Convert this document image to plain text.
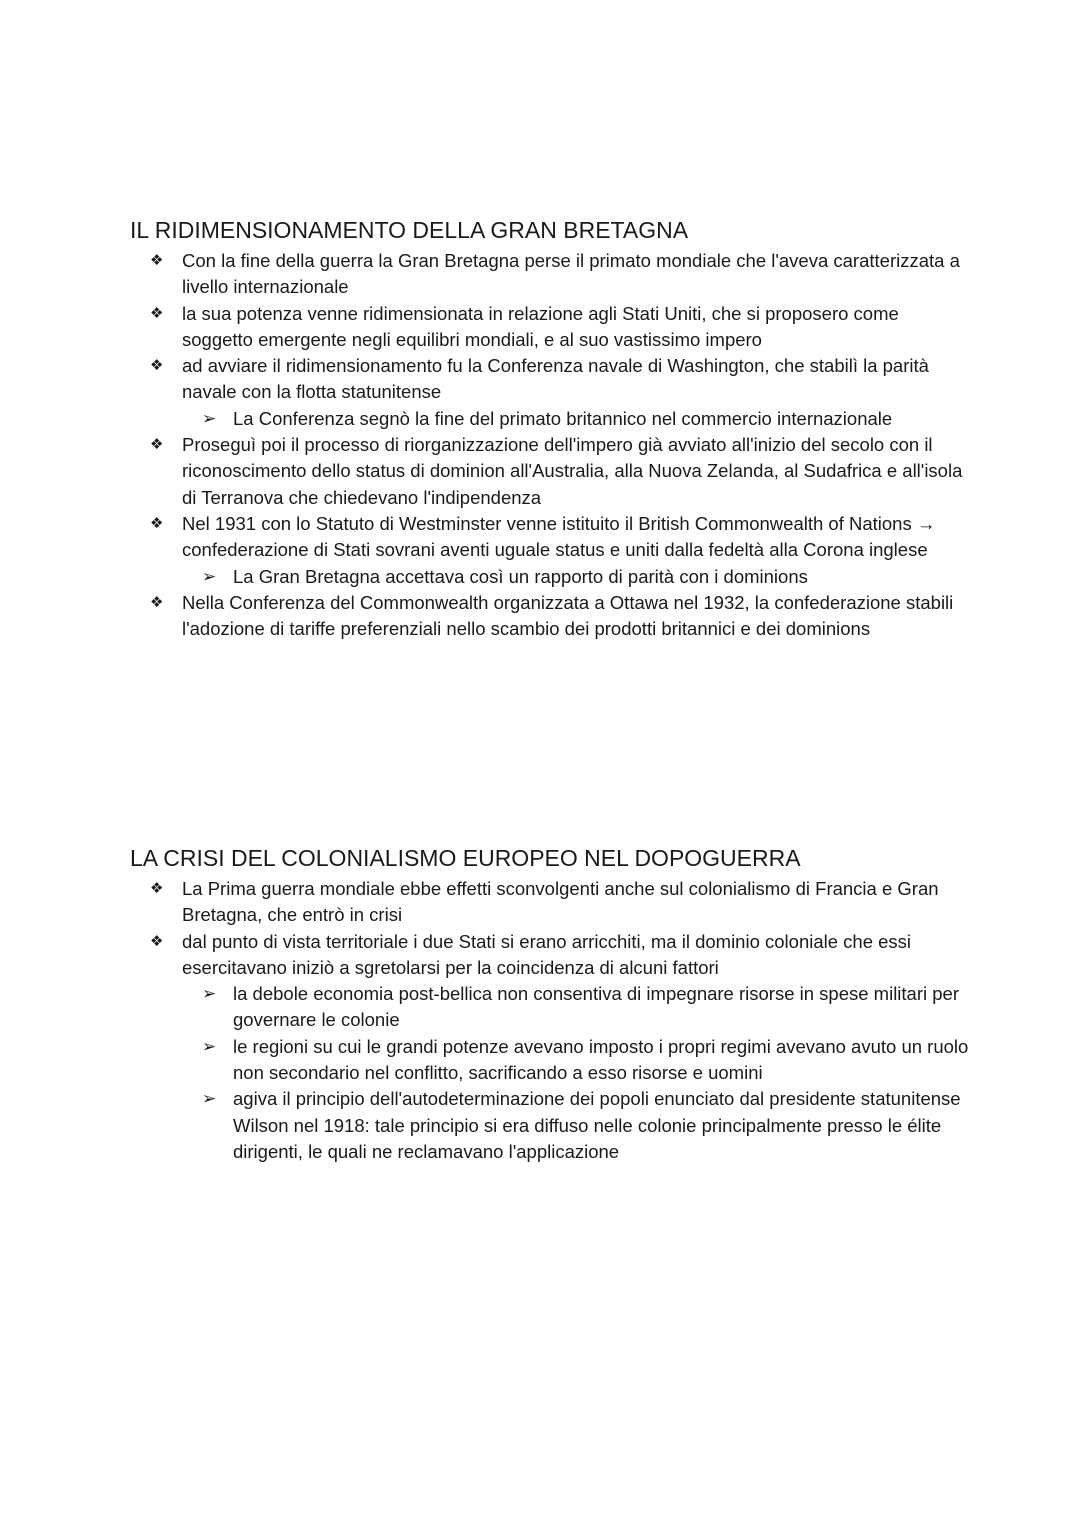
IL RIDIMENSIONAMENTO DELLA GRAN BRETAGNA
❖ Con la fine della guerra la Gran Bretagna perse il primato mondiale che l'aveva caratterizzata a livello internazionale
❖ la sua potenza venne ridimensionata in relazione agli Stati Uniti, che si proposero come soggetto emergente negli equilibri mondiali, e al suo vastissimo impero
❖ ad avviare il ridimensionamento fu la Conferenza navale di Washington, che stabilì la parità navale con la flotta statunitense
➢ La Conferenza segnò la fine del primato britannico nel commercio internazionale
❖ Proseguì poi il processo di riorganizzazione dell'impero già avviato all'inizio del secolo con il riconoscimento dello status di dominion all'Australia, alla Nuova Zelanda, al Sudafrica e all'isola di Terranova che chiedevano l'indipendenza
❖ Nel 1931 con lo Statuto di Westminster venne istituito il British Commonwealth of Nations → confederazione di Stati sovrani aventi uguale status e uniti dalla fedeltà alla Corona inglese
➢ La Gran Bretagna accettava così un rapporto di parità con i dominions
❖ Nella Conferenza del Commonwealth organizzata a Ottawa nel 1932, la confederazione stabili l'adozione di tariffe preferenziali nello scambio dei prodotti britannici e dei dominions
LA CRISI DEL COLONIALISMO EUROPEO NEL DOPOGUERRA
❖ La Prima guerra mondiale ebbe effetti sconvolgenti anche sul colonialismo di Francia e Gran Bretagna, che entrò in crisi
❖ dal punto di vista territoriale i due Stati si erano arricchiti, ma il dominio coloniale che essi esercitavano iniziò a sgretolarsi per la coincidenza di alcuni fattori
➢ la debole economia post-bellica non consentiva di impegnare risorse in spese militari per governare le colonie
➢ le regioni su cui le grandi potenze avevano imposto i propri regimi avevano avuto un ruolo non secondario nel conflitto, sacrificando a esso risorse e uomini
➢ agiva il principio dell'autodeterminazione dei popoli enunciato dal presidente statunitense Wilson nel 1918: tale principio si era diffuso nelle colonie principalmente presso le élite dirigenti, le quali ne reclamavano l'applicazione
